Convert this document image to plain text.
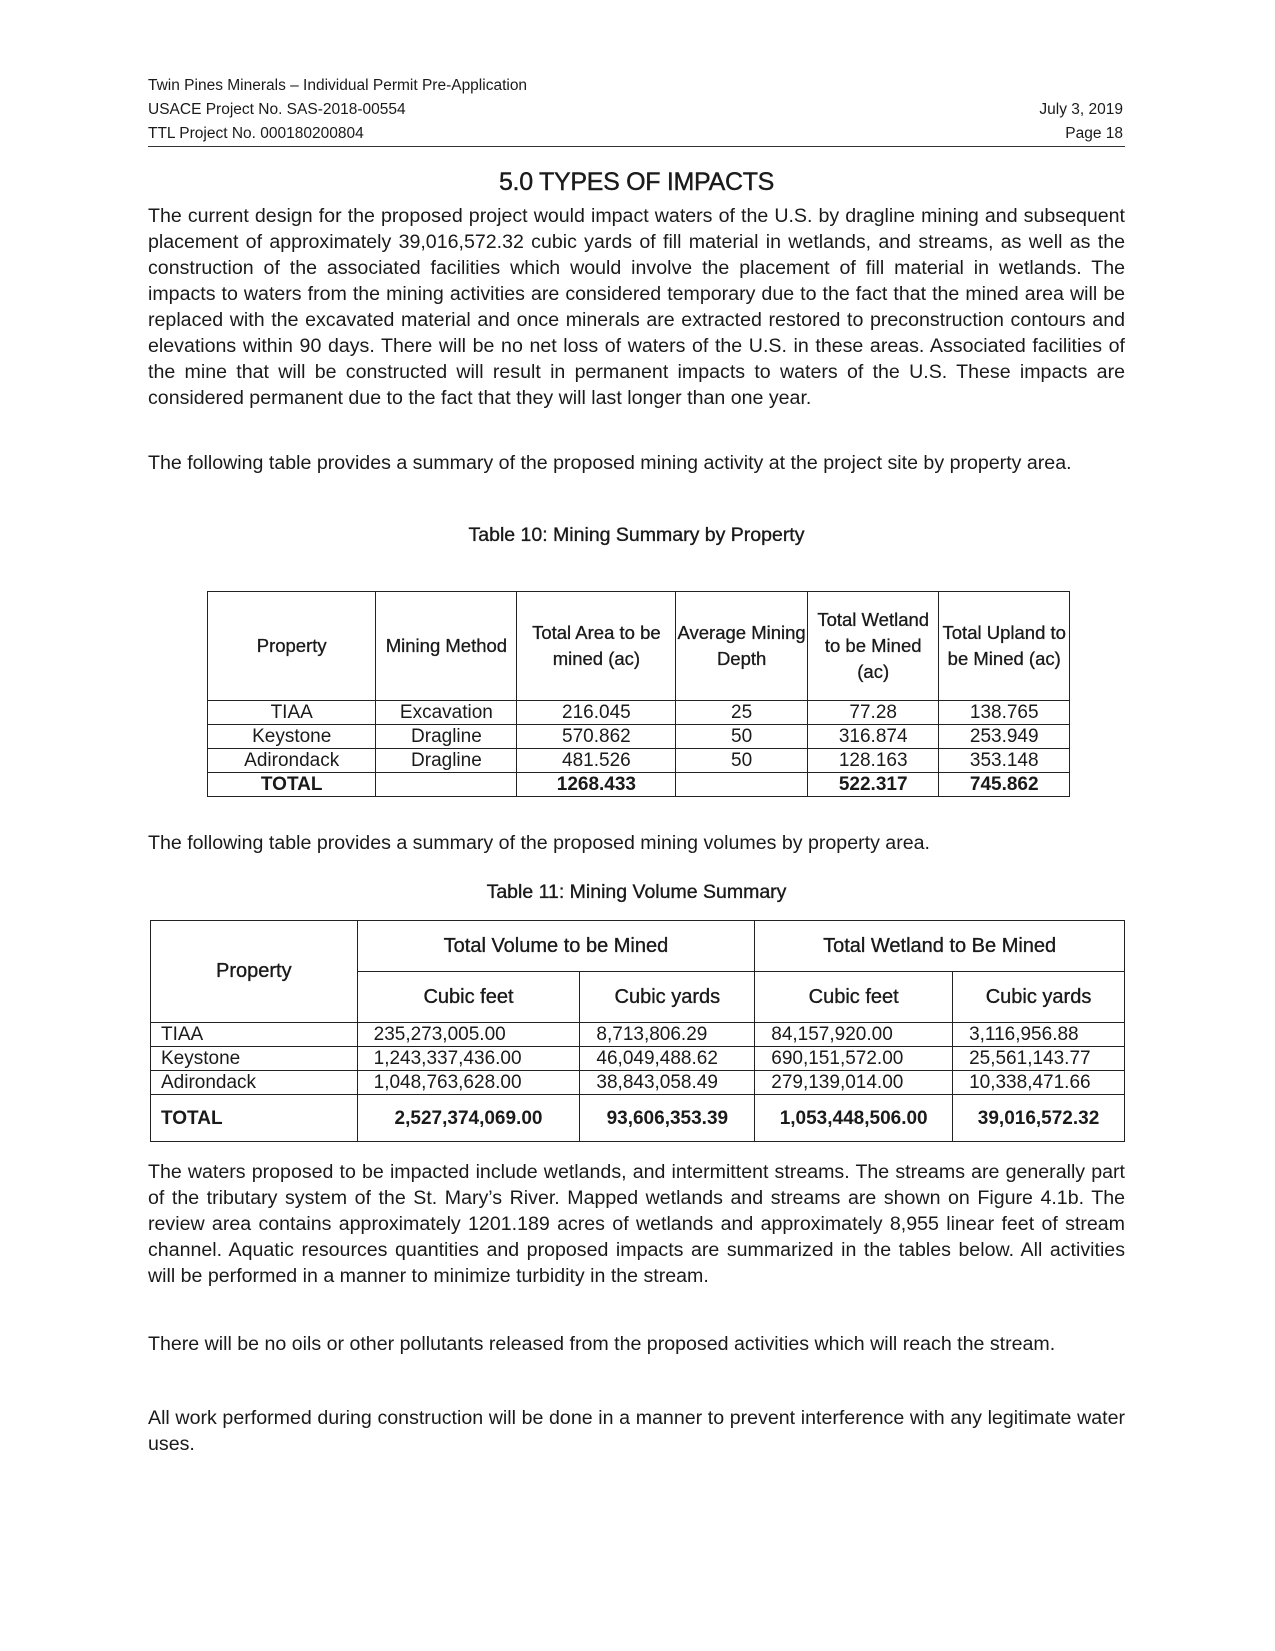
Twin Pines Minerals – Individual Permit Pre-Application
USACE Project No. SAS-2018-00554
TTL Project No. 000180200804
July 3, 2019
Page 18
5.0 TYPES OF IMPACTS

The current design for the proposed project would impact waters of the U.S. by dragline mining and subsequent placement of approximately 39,016,572.32 cubic yards of fill material in wetlands, and streams, as well as the construction of the associated facilities which would involve the placement of fill material in wetlands. The impacts to waters from the mining activities are considered temporary due to the fact that the mined area will be replaced with the excavated material and once minerals are extracted restored to preconstruction contours and elevations within 90 days. There will be no net loss of waters of the U.S. in these areas. Associated facilities of the mine that will be constructed will result in permanent impacts to waters of the U.S. These impacts are considered permanent due to the fact that they will last longer than one year.

The following table provides a summary of the proposed mining activity at the project site by property area.

Table 10: Mining Summary by Property
Property	Mining Method	Total Area to be mined (ac)	Average Mining Depth	Total Wetland to be Mined (ac)	Total Upland to be Mined (ac)
TIAA	Excavation	216.045	25	77.28	138.765
Keystone	Dragline	570.862	50	316.874	253.949
Adirondack	Dragline	481.526	50	128.163	353.148
TOTAL		1268.433		522.317	745.862

The following table provides a summary of the proposed mining volumes by property area.

Table 11: Mining Volume Summary
Property	Total Volume to be Mined		Total Wetland to Be Mined	
	Cubic feet	Cubic yards	Cubic feet	Cubic yards
TIAA	235,273,005.00	8,713,806.29	84,157,920.00	3,116,956.88
Keystone	1,243,337,436.00	46,049,488.62	690,151,572.00	25,561,143.77
Adirondack	1,048,763,628.00	38,843,058.49	279,139,014.00	10,338,471.66
TOTAL	2,527,374,069.00	93,606,353.39	1,053,448,506.00	39,016,572.32

The waters proposed to be impacted include wetlands, and intermittent streams. The streams are generally part of the tributary system of the St. Mary’s River. Mapped wetlands and streams are shown on Figure 4.1b. The review area contains approximately 1201.189 acres of wetlands and approximately 8,955 linear feet of stream channel. Aquatic resources quantities and proposed impacts are summarized in the tables below. All activities will be performed in a manner to minimize turbidity in the stream.

There will be no oils or other pollutants released from the proposed activities which will reach the stream.

All work performed during construction will be done in a manner to prevent interference with any legitimate water uses.
